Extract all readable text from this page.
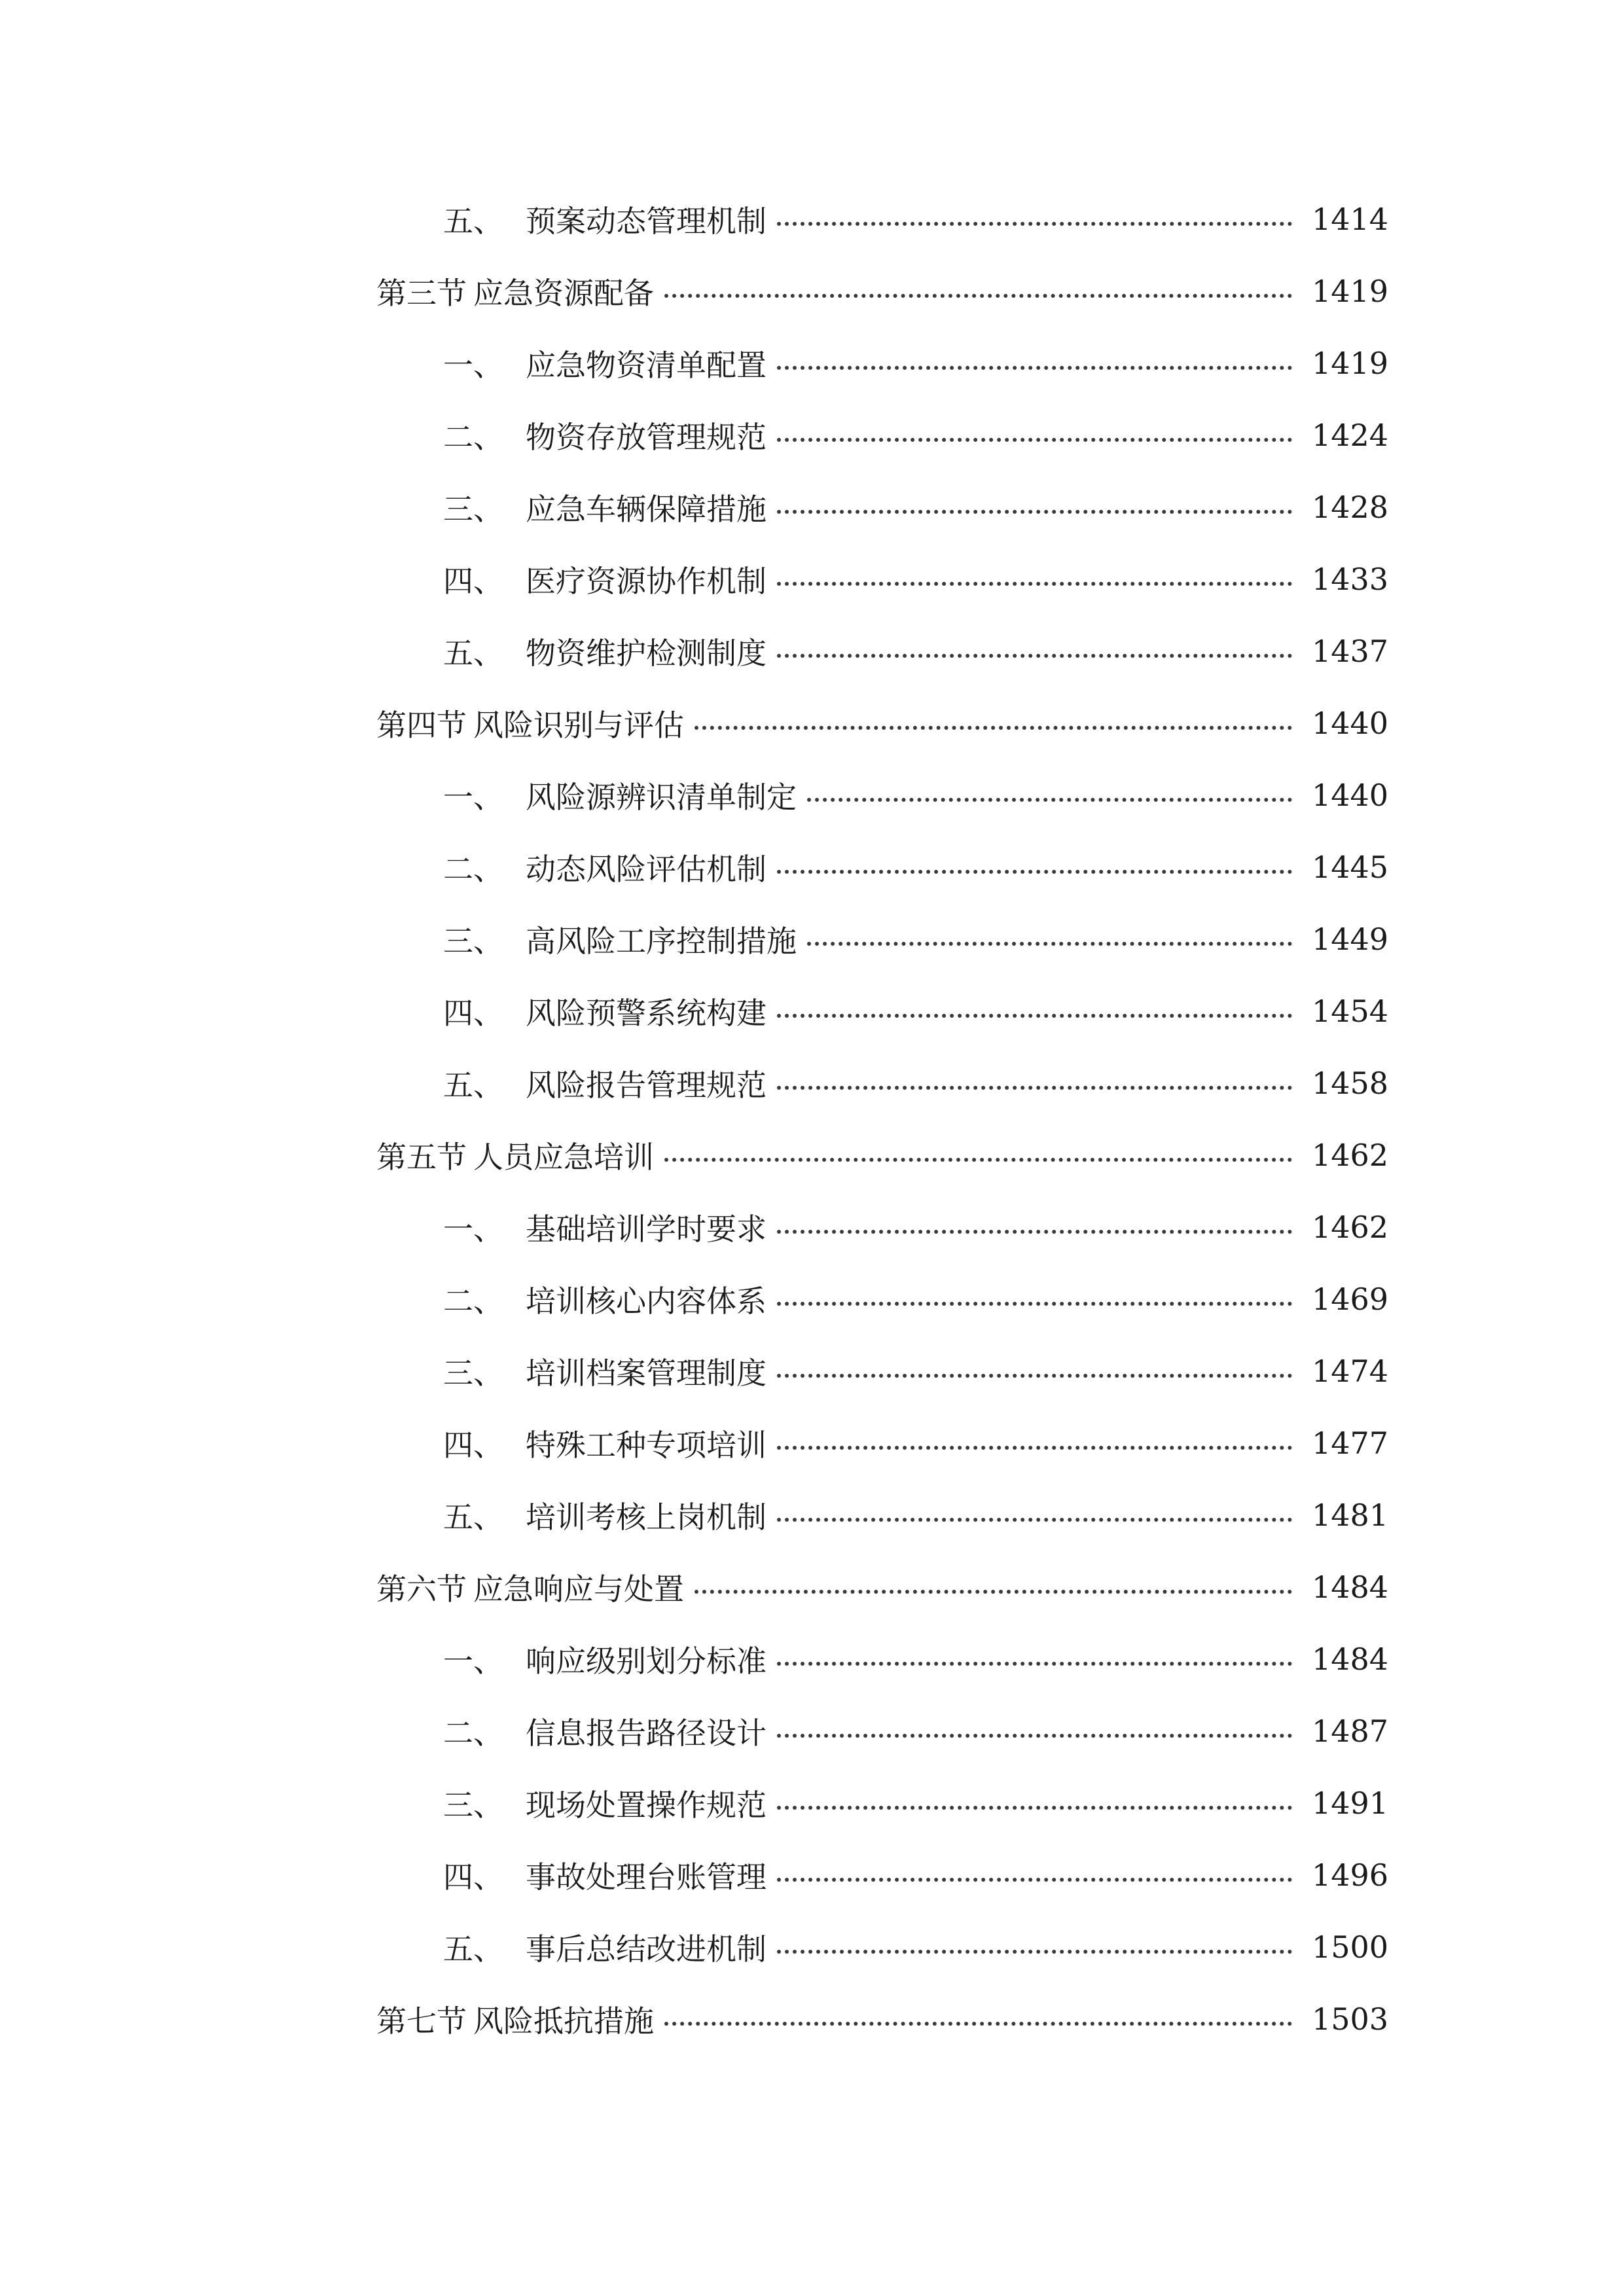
五、 预案动态管理机制	1414
第三节 应急资源配备	1419
一、 应急物资清单配置	1419
二、 物资存放管理规范	1424
三、 应急车辆保障措施	1428
四、 医疗资源协作机制	1433
五、 物资维护检测制度	1437
第四节 风险识别与评估	1440
一、 风险源辨识清单制定	1440
二、 动态风险评估机制	1445
三、 高风险工序控制措施	1449
四、 风险预警系统构建	1454
五、 风险报告管理规范	1458
第五节 人员应急培训	1462
一、 基础培训学时要求	1462
二、 培训核心内容体系	1469
三、 培训档案管理制度	1474
四、 特殊工种专项培训	1477
五、 培训考核上岗机制	1481
第六节 应急响应与处置	1484
一、 响应级别划分标准	1484
二、 信息报告路径设计	1487
三、 现场处置操作规范	1491
四、 事故处理台账管理	1496
五、 事后总结改进机制	1500
第七节 风险抵抗措施	1503
